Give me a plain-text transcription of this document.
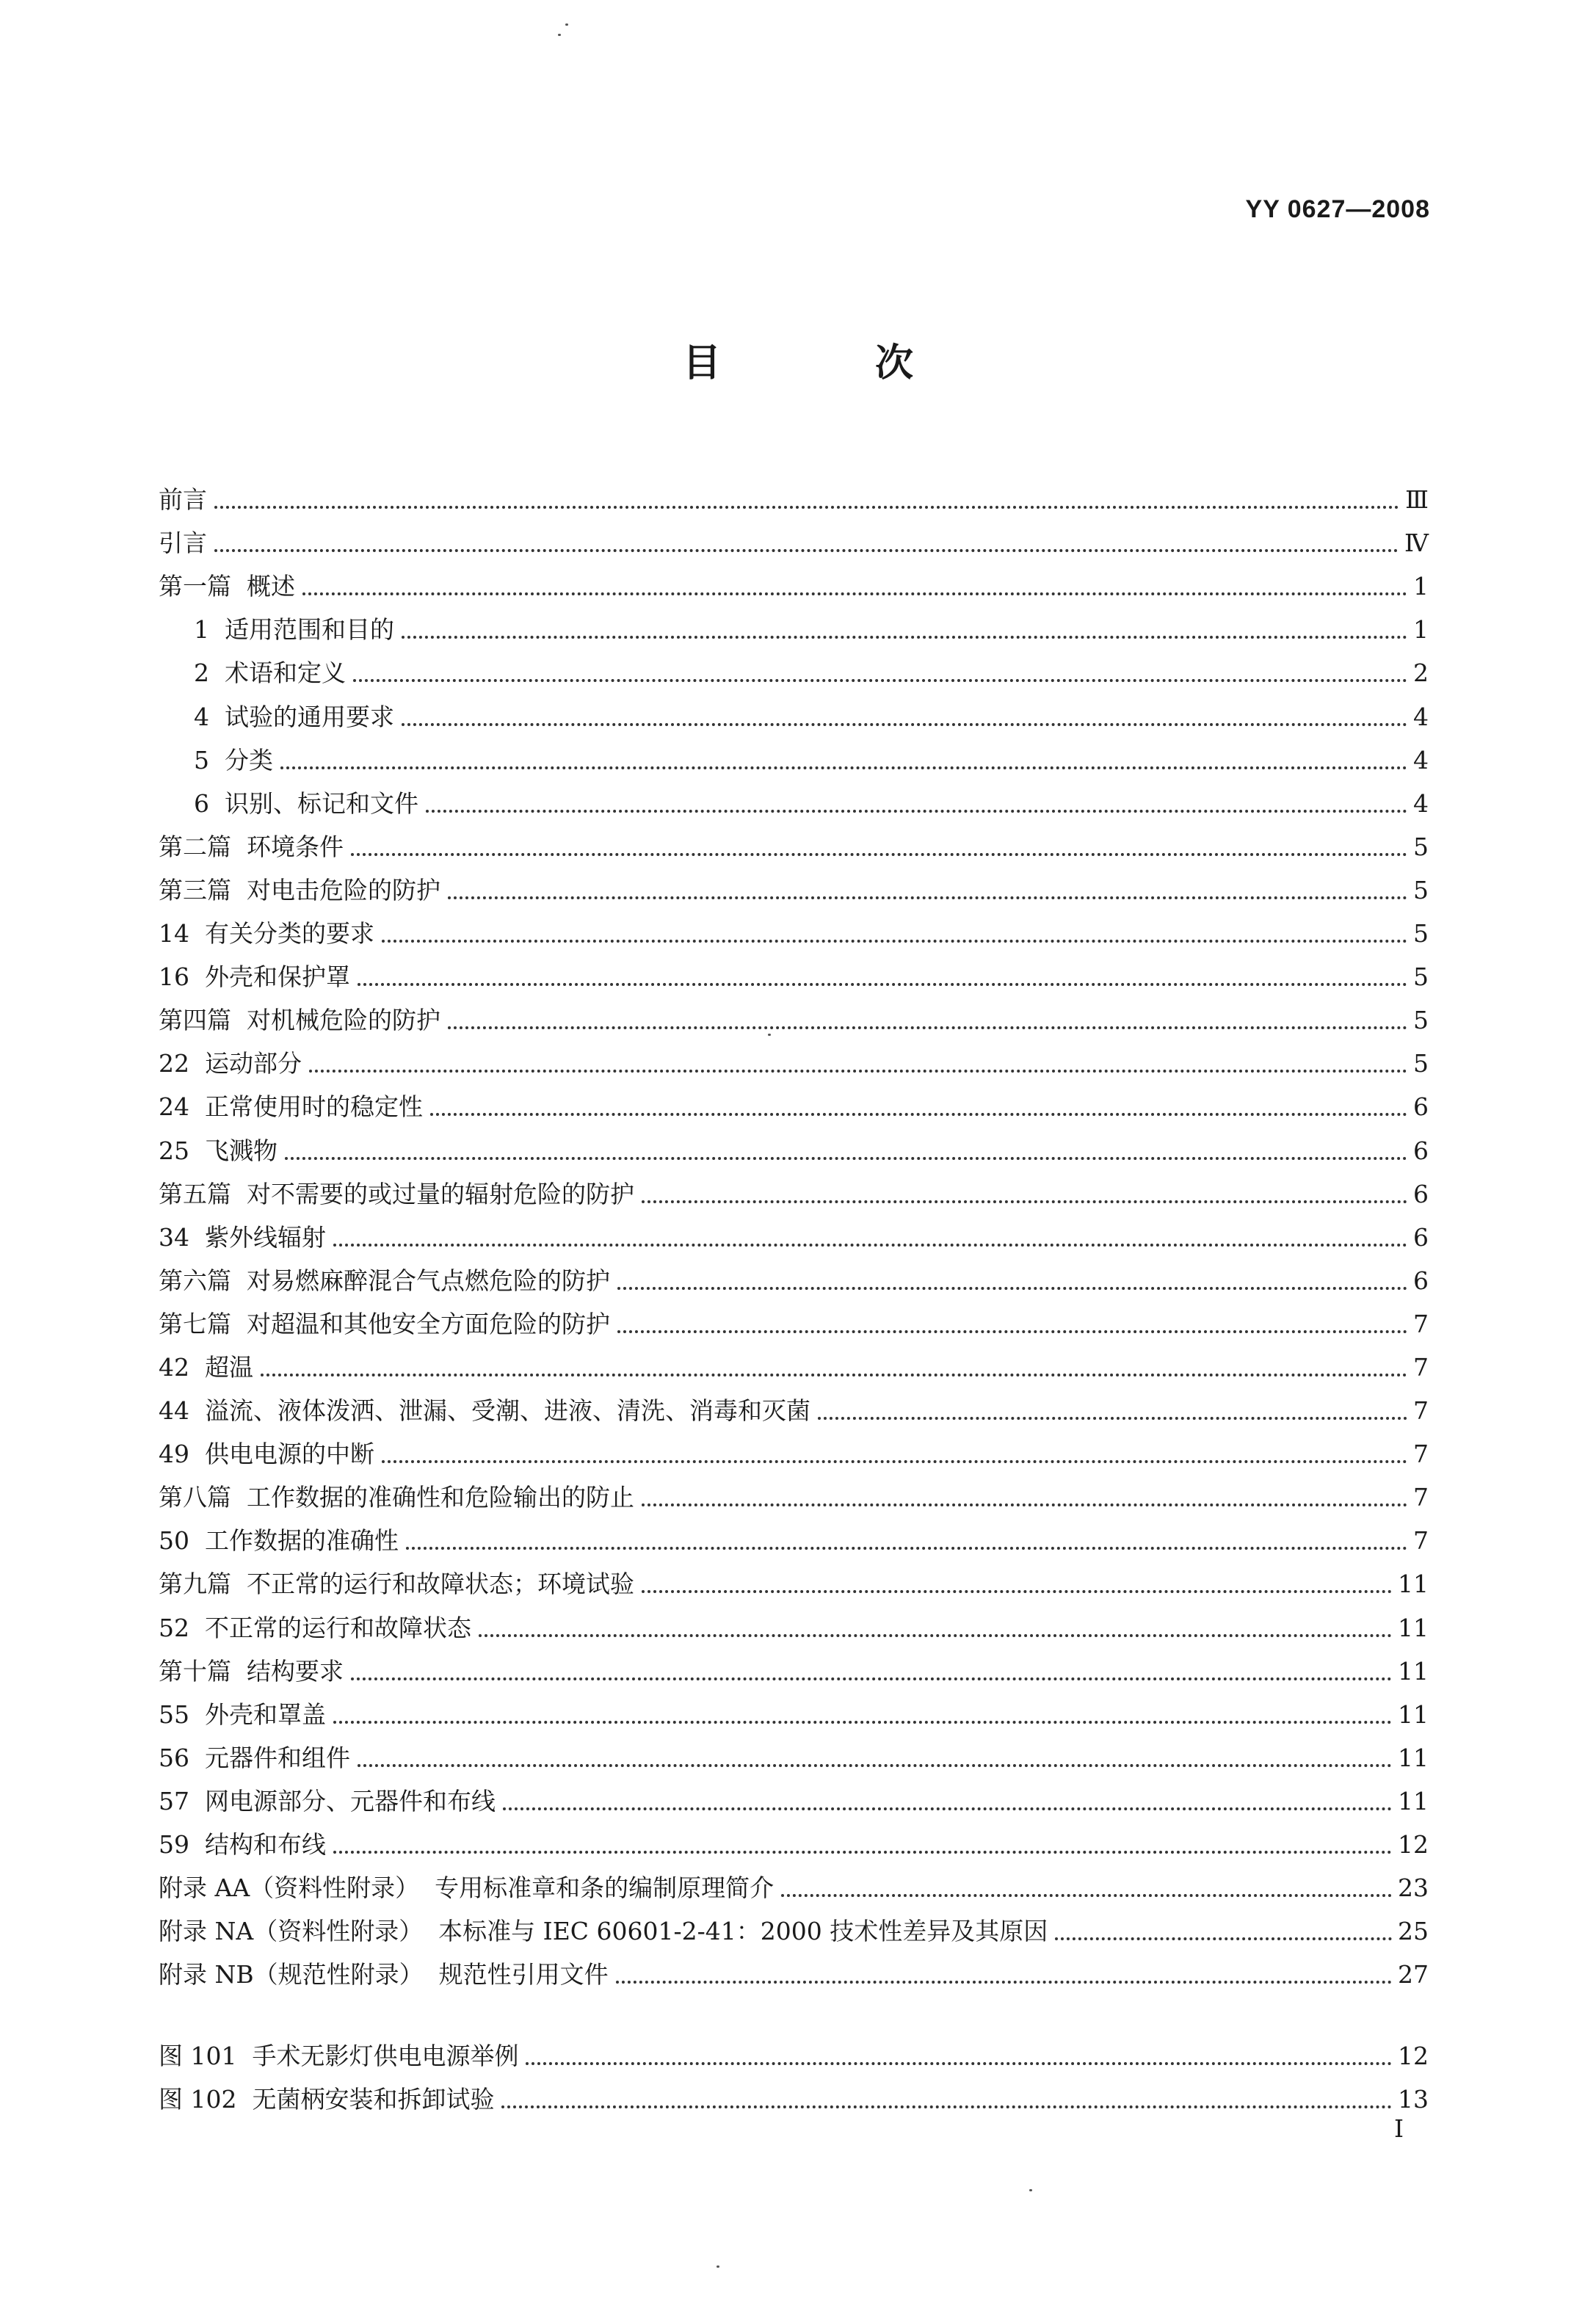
YY 0627—2008
目 次
前言	Ⅲ
引言	Ⅳ
第一篇  概述	1
1  适用范围和目的	1
2  术语和定义	2
4  试验的通用要求	4
5  分类	4
6  识别、标记和文件	4
第二篇  环境条件	5
第三篇  对电击危险的防护	5
14  有关分类的要求	5
16  外壳和保护罩	5
第四篇  对机械危险的防护	5
22  运动部分	5
24  正常使用时的稳定性	6
25  飞溅物	6
第五篇  对不需要的或过量的辐射危险的防护	6
34  紫外线辐射	6
第六篇  对易燃麻醉混合气点燃危险的防护	6
第七篇  对超温和其他安全方面危险的防护	7
42  超温	7
44  溢流、液体泼洒、泄漏、受潮、进液、清洗、消毒和灭菌	7
49  供电电源的中断	7
第八篇  工作数据的准确性和危险输出的防止	7
50  工作数据的准确性	7
第九篇  不正常的运行和故障状态；环境试验	11
52  不正常的运行和故障状态	11
第十篇  结构要求	11
55  外壳和罩盖	11
56  元器件和组件	11
57  网电源部分、元器件和布线	11
59  结构和布线	12
附录 AA（资料性附录）  专用标准章和条的编制原理简介	23
附录 NA（资料性附录）  本标准与 IEC 60601-2-41：2000 技术性差异及其原因	25
附录 NB（规范性附录）  规范性引用文件	27
图 101  手术无影灯供电电源举例	12
图 102  无菌柄安装和拆卸试验	13
I
